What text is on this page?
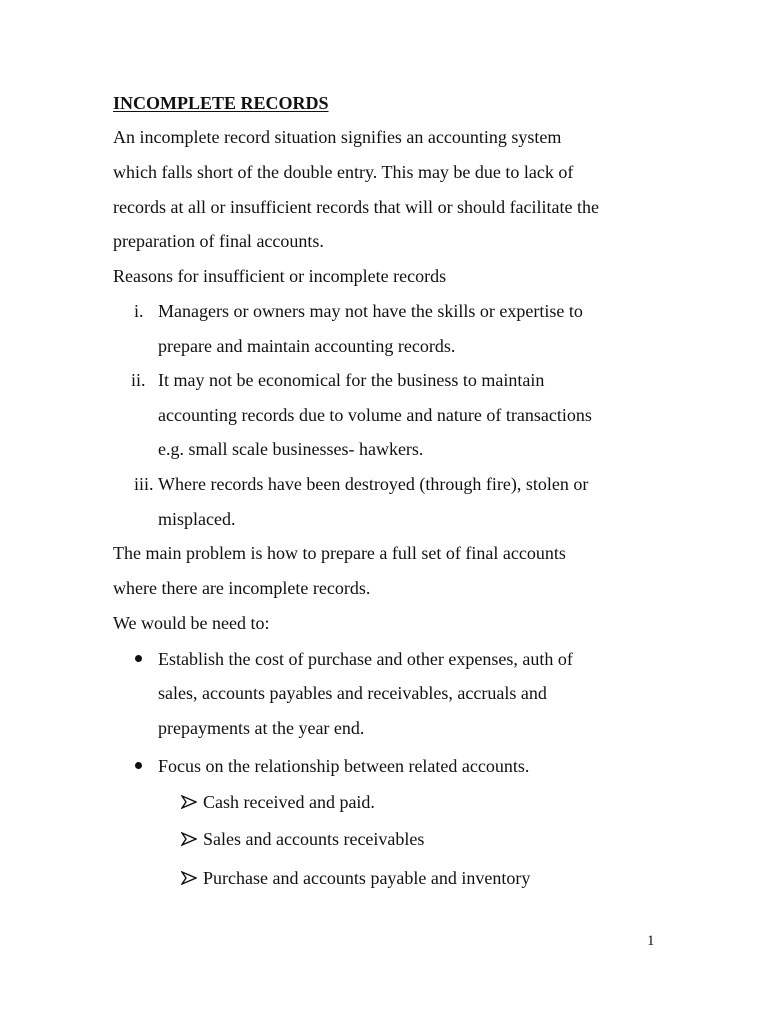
INCOMPLETE RECORDS
An incomplete record situation signifies an accounting system
which falls short of the double entry. This may be due to lack of
records at all or insufficient records that will or should facilitate the
preparation of final accounts.
Reasons for insufficient or incomplete records
i. Managers or owners may not have the skills or expertise to
prepare and maintain accounting records.
ii. It may not be economical for the business to maintain
accounting records due to volume and nature of transactions
e.g. small scale businesses- hawkers.
iii. Where records have been destroyed (through fire), stolen or
misplaced.
The main problem is how to prepare a full set of final accounts
where there are incomplete records.
We would be need to:
Establish the cost of purchase and other expenses, auth of
sales, accounts payables and receivables, accruals and
prepayments at the year end.
Focus on the relationship between related accounts.
Cash received and paid.
Sales and accounts receivables
Purchase and accounts payable and inventory
1
